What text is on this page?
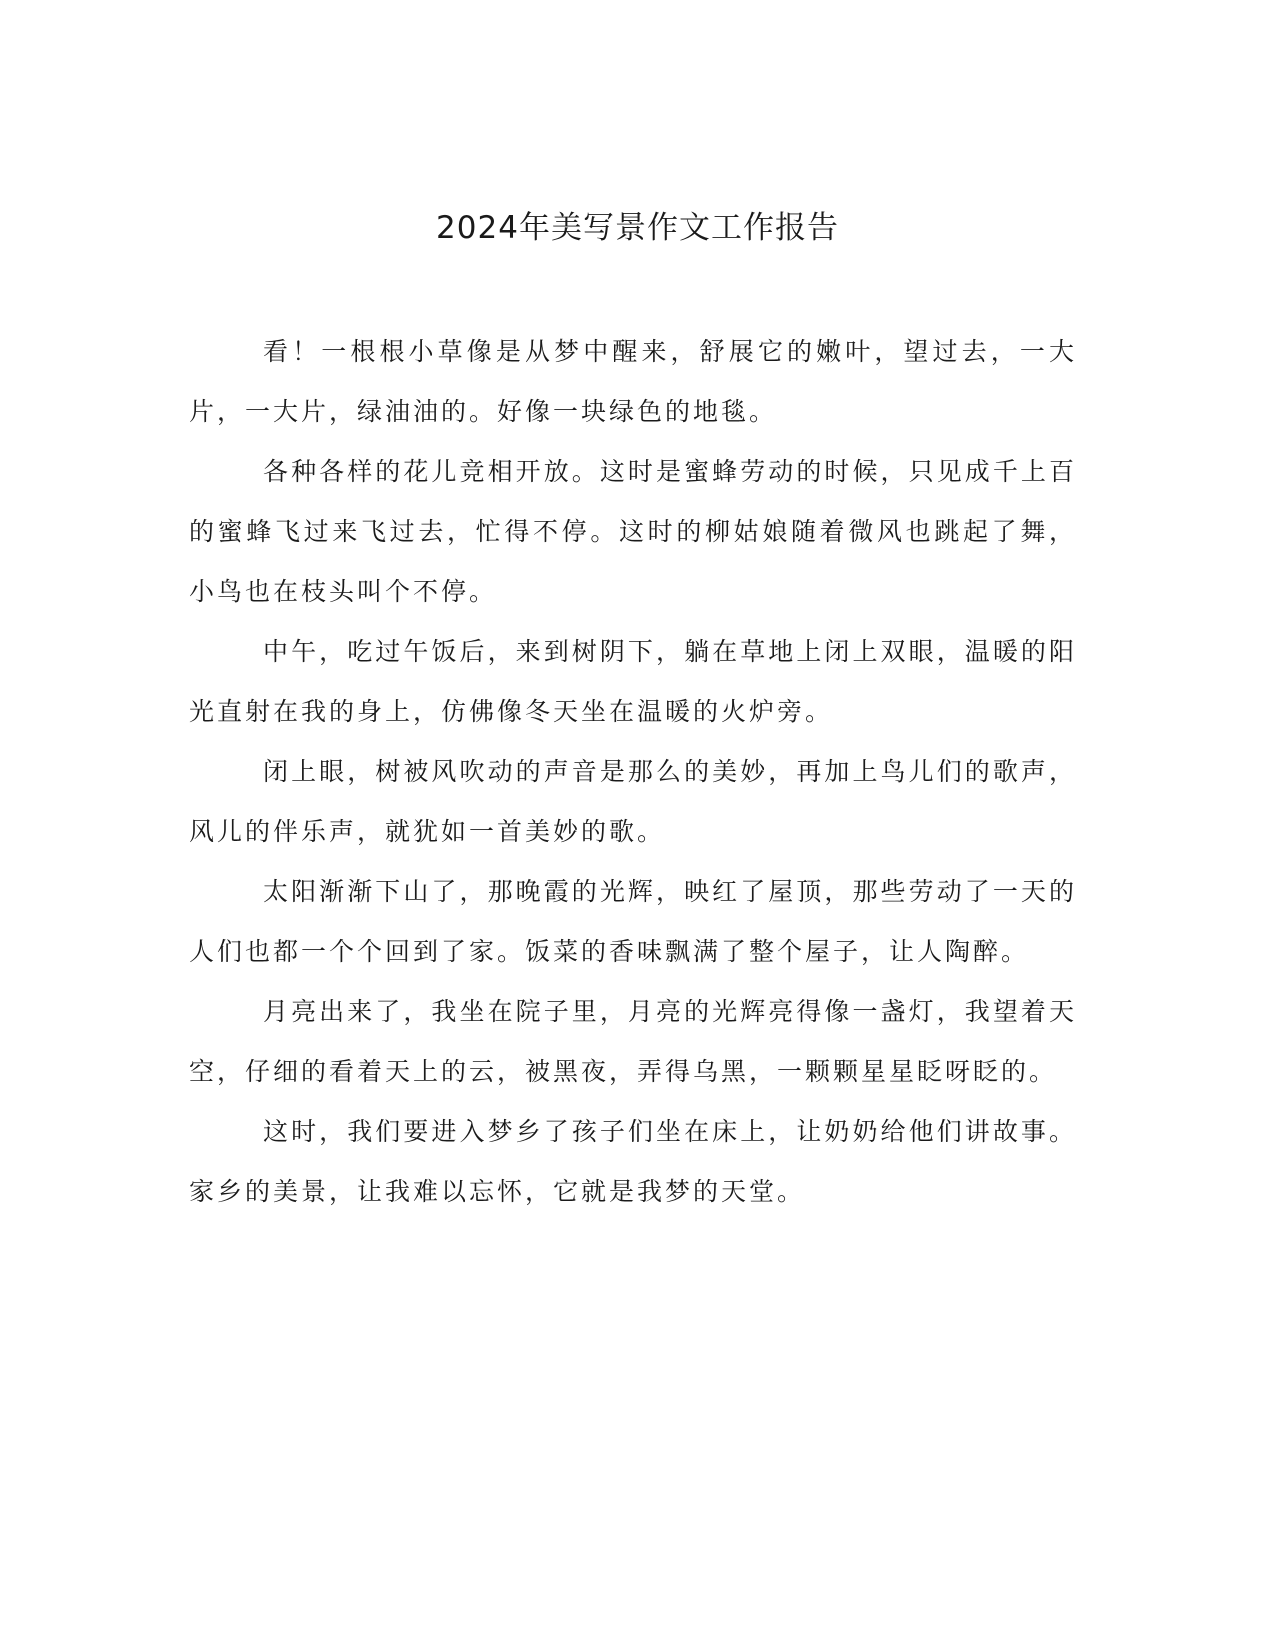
2024年美写景作文工作报告

看！一根根小草像是从梦中醒来，舒展它的嫩叶，望过去，一大片，一大片，绿油油的。好像一块绿色的地毯。

各种各样的花儿竞相开放。这时是蜜蜂劳动的时候，只见成千上百的蜜蜂飞过来飞过去，忙得不停。这时的柳姑娘随着微风也跳起了舞，小鸟也在枝头叫个不停。

中午，吃过午饭后，来到树阴下，躺在草地上闭上双眼，温暖的阳光直射在我的身上，仿佛像冬天坐在温暖的火炉旁。

闭上眼，树被风吹动的声音是那么的美妙，再加上鸟儿们的歌声，风儿的伴乐声，就犹如一首美妙的歌。

太阳渐渐下山了，那晚霞的光辉，映红了屋顶，那些劳动了一天的人们也都一个个回到了家。饭菜的香味飘满了整个屋子，让人陶醉。

月亮出来了，我坐在院子里，月亮的光辉亮得像一盏灯，我望着天空，仔细的看着天上的云，被黑夜，弄得乌黑，一颗颗星星眨呀眨的。

这时，我们要进入梦乡了孩子们坐在床上，让奶奶给他们讲故事。家乡的美景，让我难以忘怀，它就是我梦的天堂。
